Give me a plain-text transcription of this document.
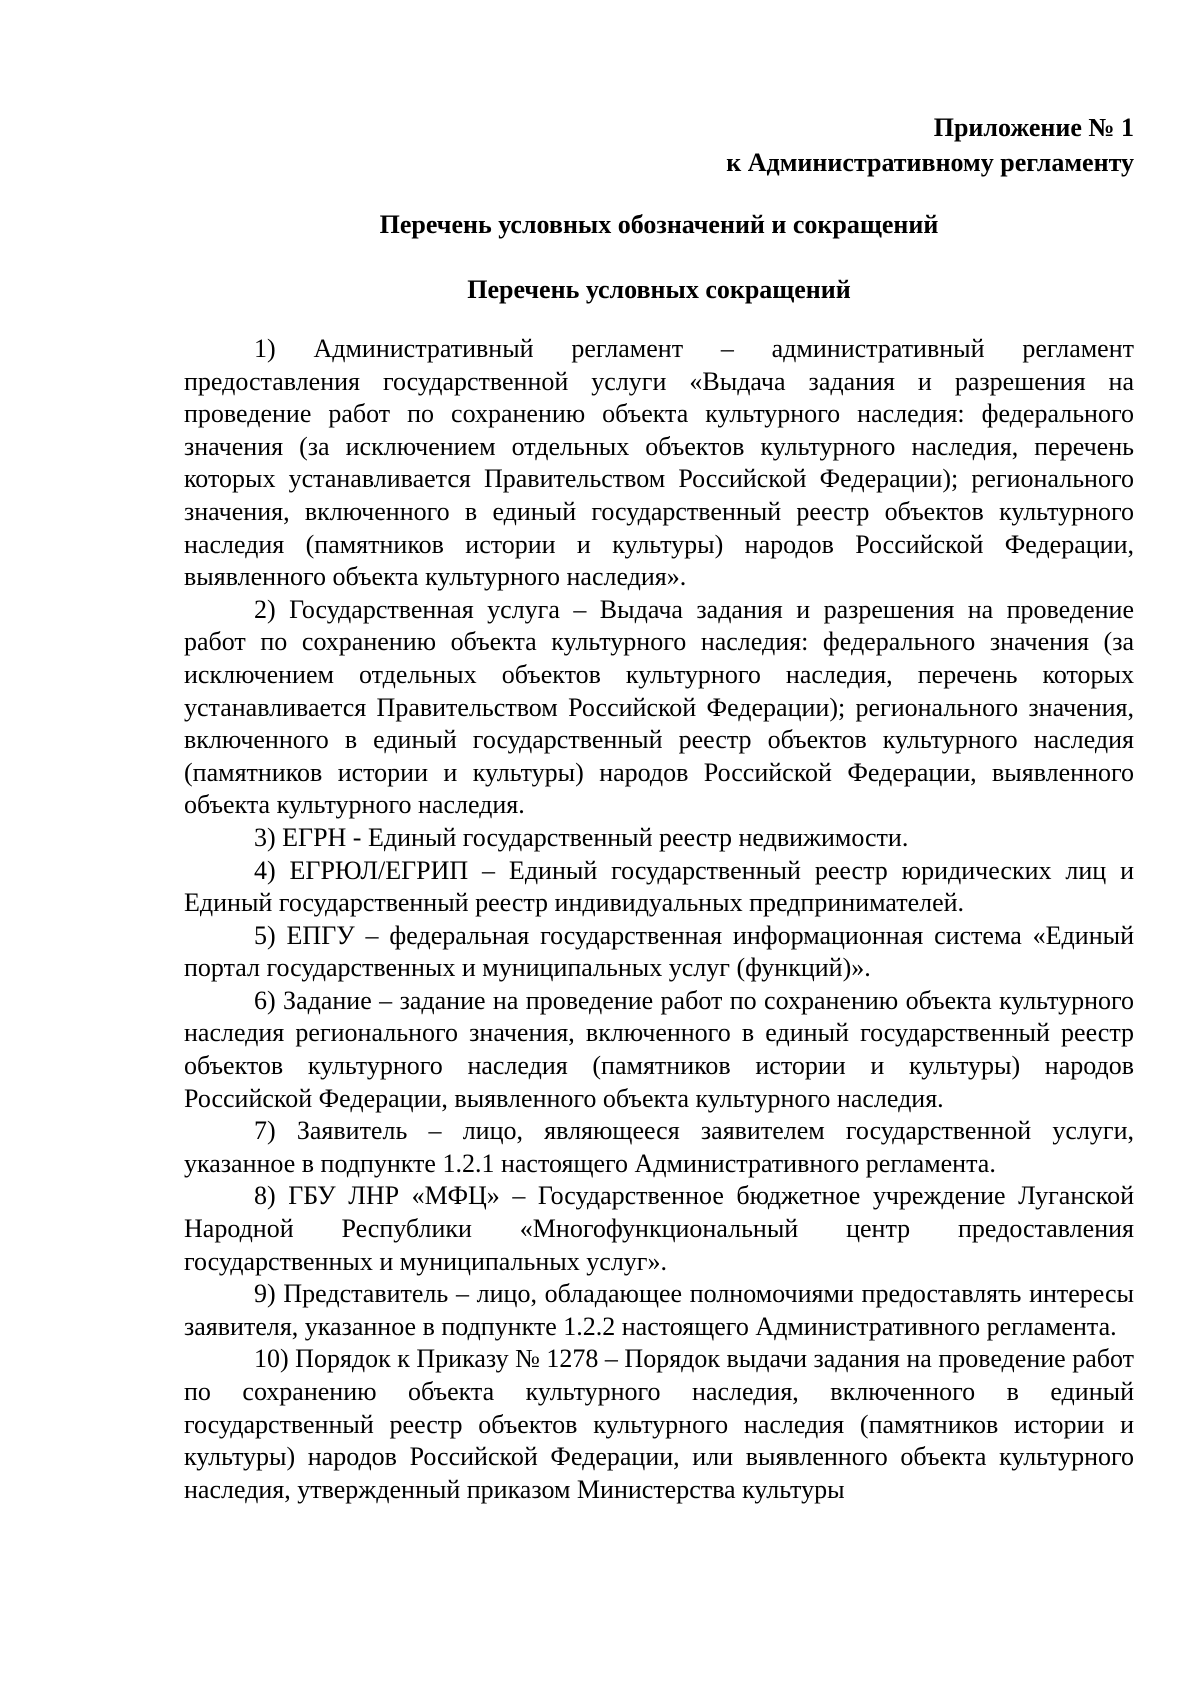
Приложение № 1
к Административному регламенту
Перечень условных обозначений и сокращений
Перечень условных сокращений

1) Административный регламент – административный регламент предоставления государственной услуги «Выдача задания и разрешения на проведение работ по сохранению объекта культурного наследия: федерального значения (за исключением отдельных объектов культурного наследия, перечень которых устанавливается Правительством Российской Федерации); регионального значения, включенного в единый государственный реестр объектов культурного наследия (памятников истории и культуры) народов Российской Федерации, выявленного объекта культурного наследия».

2) Государственная услуга – Выдача задания и разрешения на проведение работ по сохранению объекта культурного наследия: федерального значения (за исключением отдельных объектов культурного наследия, перечень которых устанавливается Правительством Российской Федерации); регионального значения, включенного в единый государственный реестр объектов культурного наследия (памятников истории и культуры) народов Российской Федерации, выявленного объекта культурного наследия.

3) ЕГРН - Единый государственный реестр недвижимости.

4) ЕГРЮЛ/ЕГРИП – Единый государственный реестр юридических лиц и Единый государственный реестр индивидуальных предпринимателей.

5) ЕПГУ – федеральная государственная информационная система «Единый портал государственных и муниципальных услуг (функций)».

6) Задание – задание на проведение работ по сохранению объекта культурного наследия регионального значения, включенного в единый государственный реестр объектов культурного наследия (памятников истории и культуры) народов Российской Федерации, выявленного объекта культурного наследия.

7) Заявитель – лицо, являющееся заявителем государственной услуги, указанное в подпункте 1.2.1 настоящего Административного регламента.

8) ГБУ ЛНР «МФЦ» – Государственное бюджетное учреждение Луганской Народной Республики «Многофункциональный центр предоставления государственных и муниципальных услуг».

9) Представитель – лицо, обладающее полномочиями предоставлять интересы заявителя, указанное в подпункте 1.2.2 настоящего Административного регламента.

10) Порядок к Приказу № 1278 – Порядок выдачи задания на проведение работ по сохранению объекта культурного наследия, включенного в единый государственный реестр объектов культурного наследия (памятников истории и культуры) народов Российской Федерации, или выявленного объекта культурного наследия, утвержденный приказом Министерства культуры
